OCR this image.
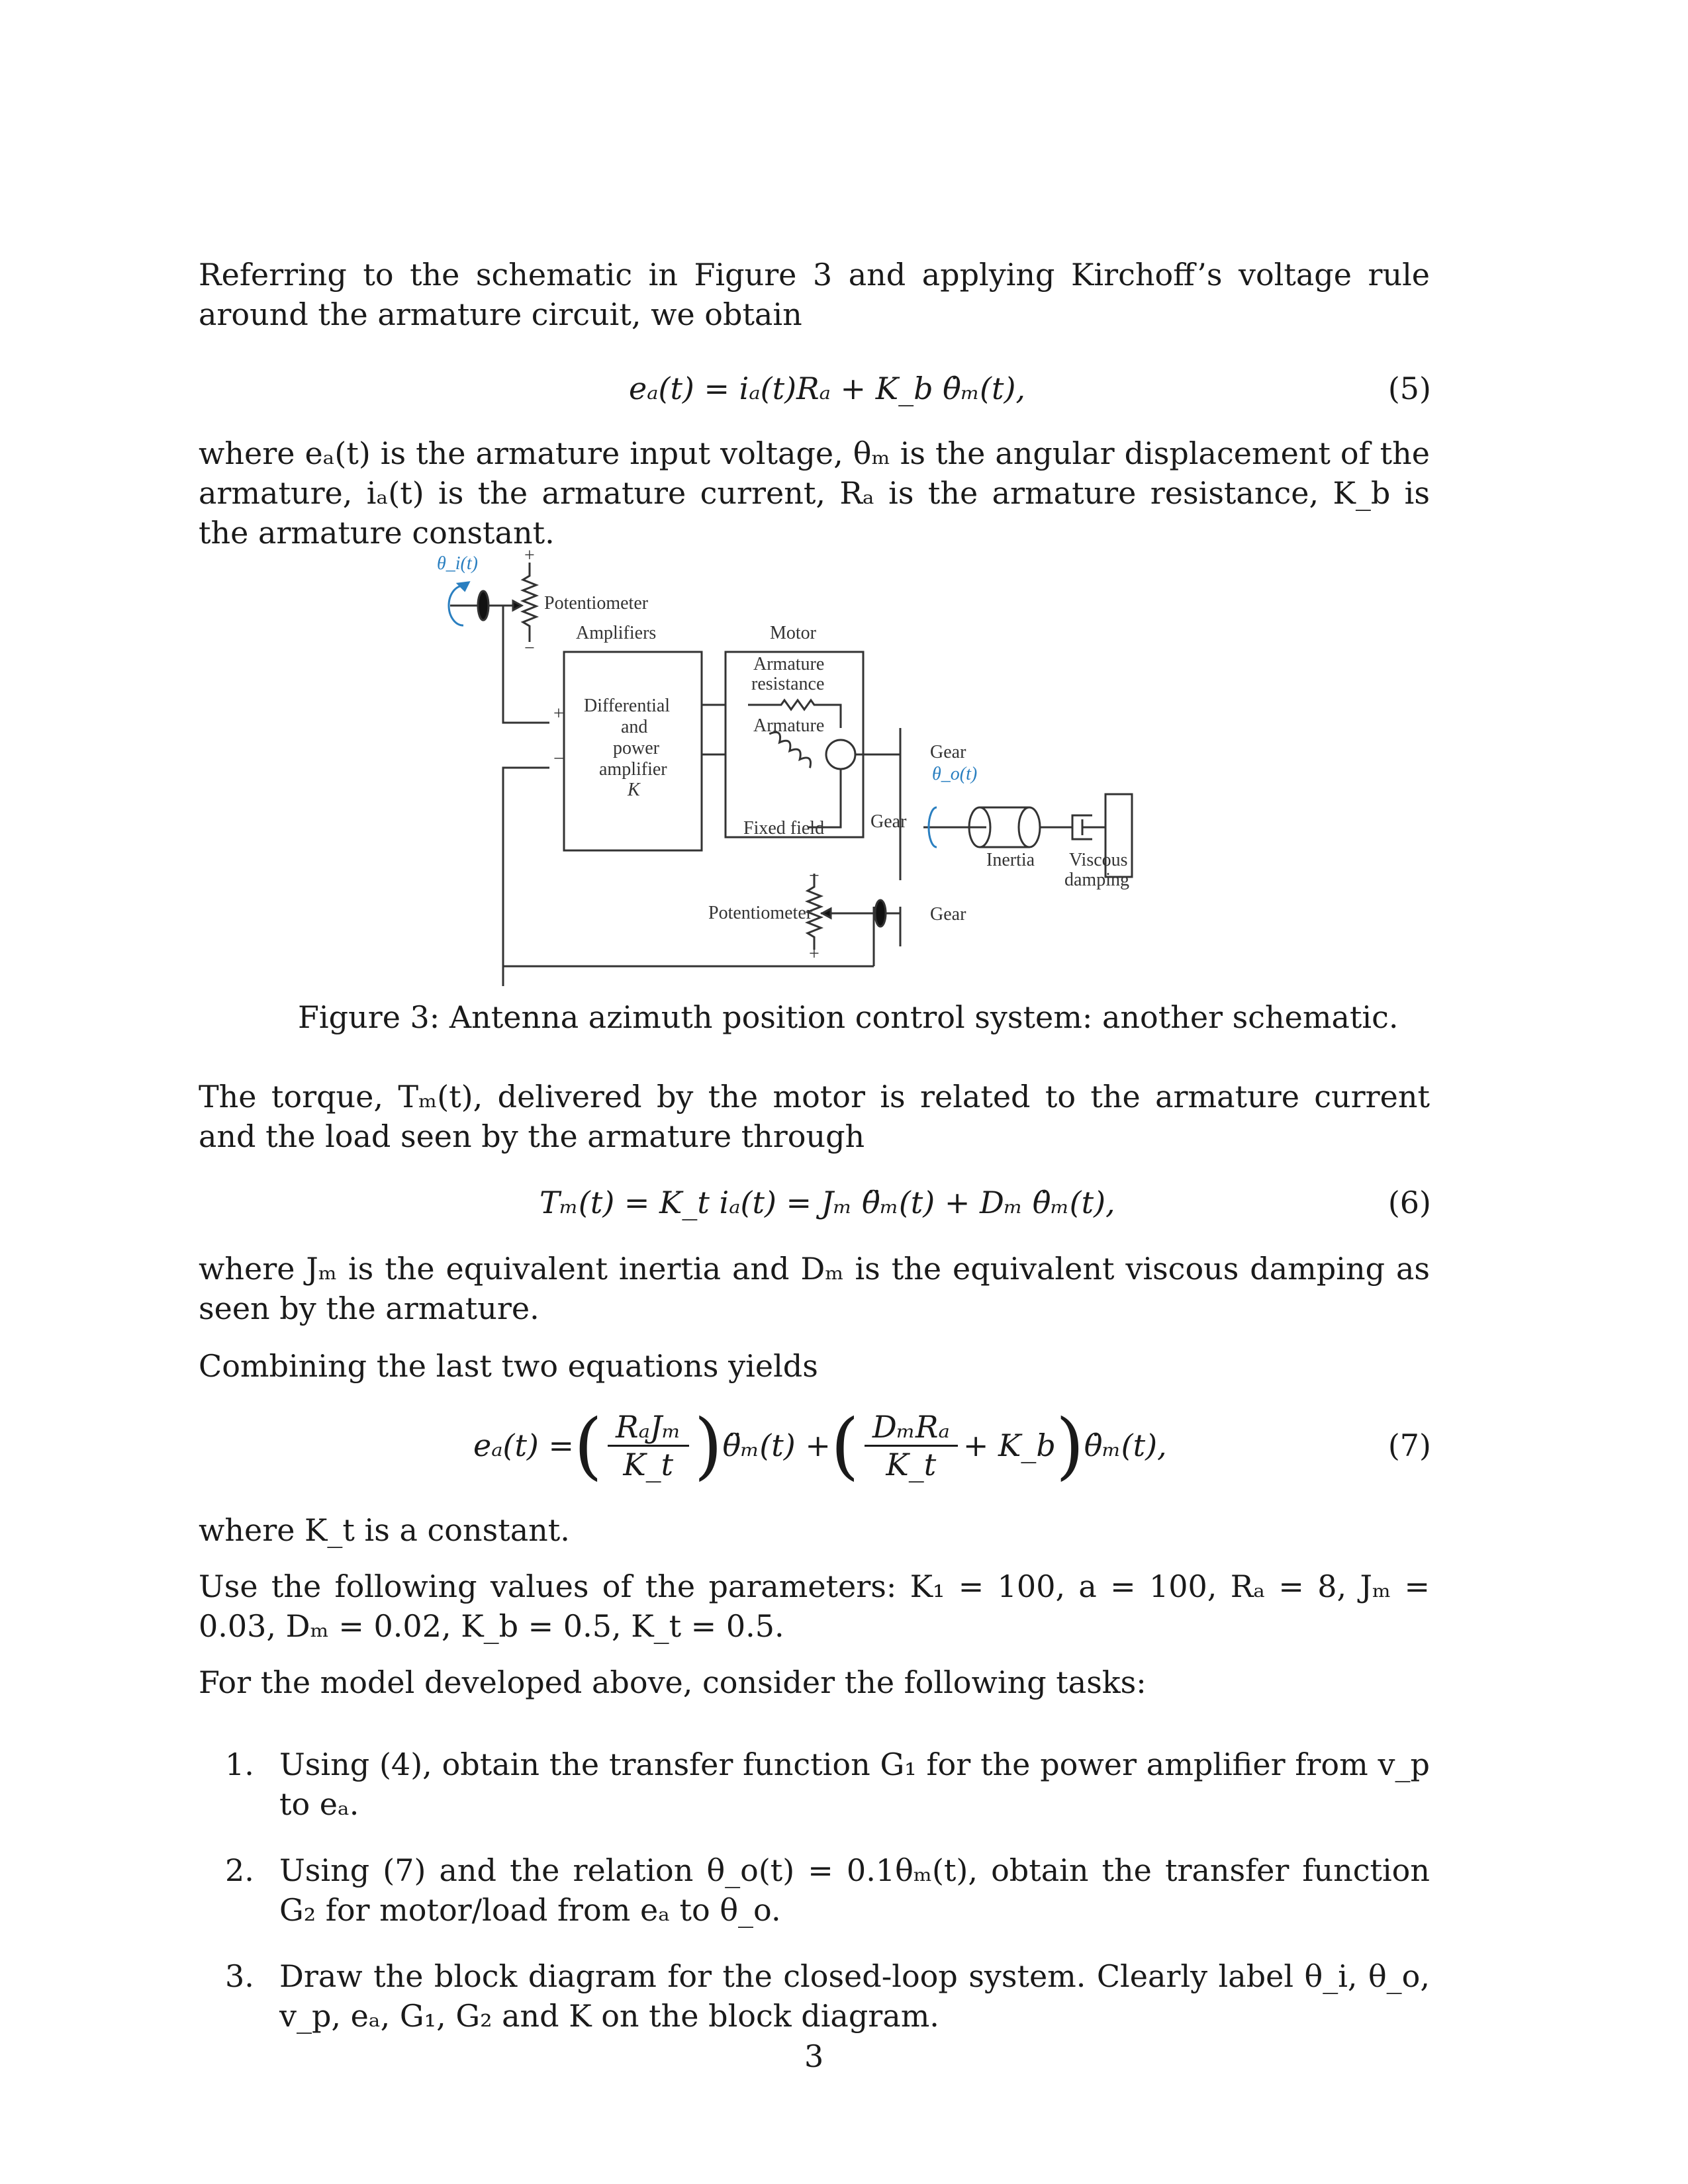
Referring to the schematic in Figure 3 and applying Kirchoff’s voltage rule around the armature circuit, we obtain
eₐ(t) = iₐ(t)Rₐ + K_b θ̇ₘ(t),	(5)
where eₐ(t) is the armature input voltage, θₘ is the angular displacement of the armature, iₐ(t) is the armature current, Rₐ is the armature resistance, K_b is the armature constant.
θ_i(t)	+
−
Potentiometer
Amplifiers	Motor
Armature
resistance
Armature
Differential
and
power
amplifier
K
+
−
Fixed field Gear
Gear
θ_o(t)
Inertia Viscous
damping
Potentiometer	Gear
−
+
Figure 3: Antenna azimuth position control system: another schematic.
The torque, Tₘ(t), delivered by the motor is related to the armature current and the load seen by the armature through
Tₘ(t) = K_t iₐ(t) = Jₘ θ̈ₘ(t) + Dₘ θ̇ₘ(t),	(6)
where Jₘ is the equivalent inertia and Dₘ is the equivalent viscous damping as seen by the armature.
Combining the last two equations yields
eₐ(t) = ( $\frac{\text{RₐJₘ}}{K\_t}$ ) θ̈ₘ(t) + ( $\frac{\text{DₘRₐ}}{K\_t}$ + K_b ) θ̇ₘ(t),	(7)
where K_t is a constant.
Use the following values of the parameters: K₁ = 100, a = 100, Rₐ = 8, Jₘ = 0.03, Dₘ = 0.02, K_b = 0.5, K_t = 0.5.
For the model developed above, consider the following tasks:
1. Using (4), obtain the transfer function G₁ for the power amplifier from v_p to eₐ.
2. Using (7) and the relation θ_o(t) = 0.1θₘ(t), obtain the transfer function G₂ for motor/load from eₐ to θ_o.
3. Draw the block diagram for the closed-loop system. Clearly label θ_i, θ_o, v_p, eₐ, G₁, G₂ and K on the block diagram.
3
